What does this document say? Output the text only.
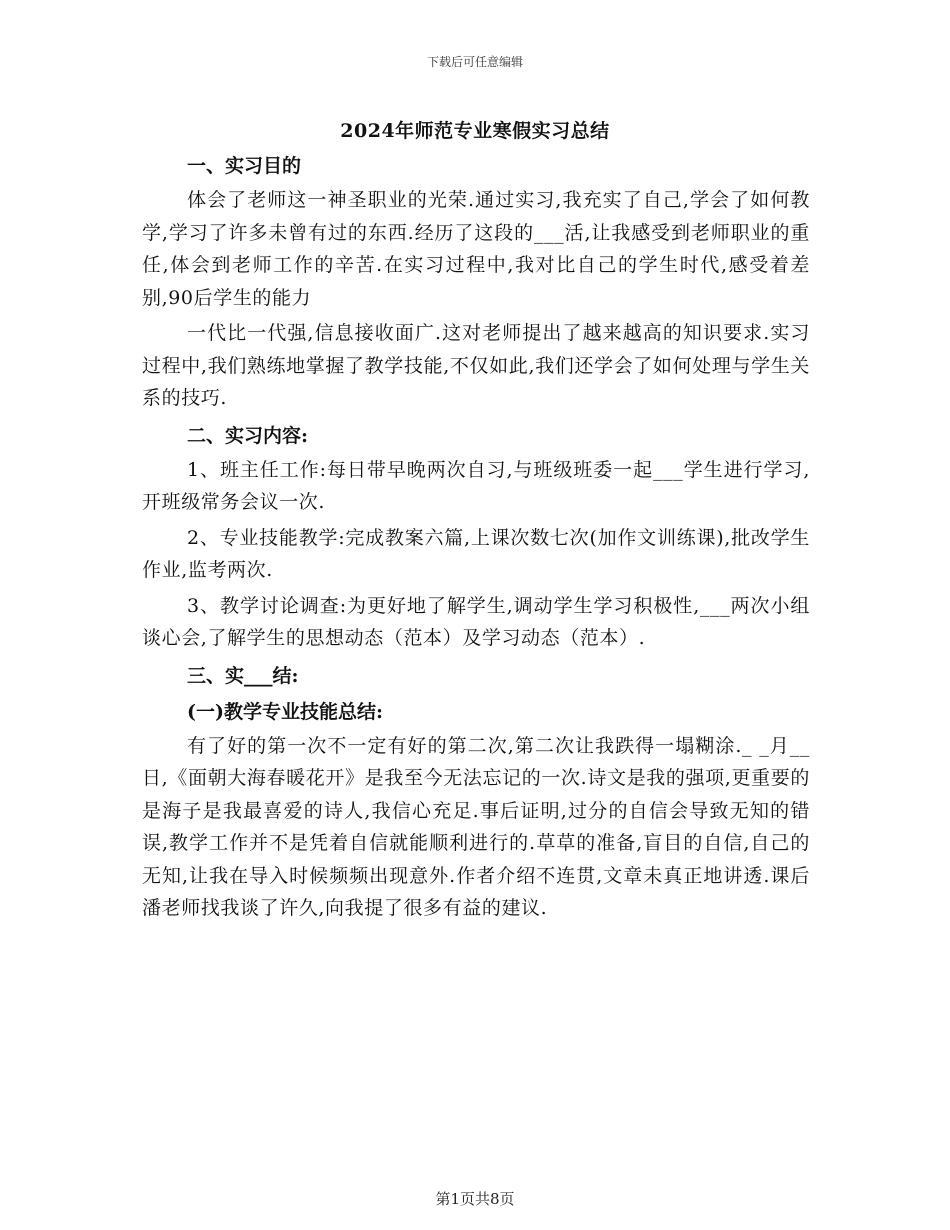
下载后可任意编辑
2024年师范专业寒假实习总结
一、实习目的
体会了老师这一神圣职业的光荣.通过实习,我充实了自己,学会了如何教学,学习了许多未曾有过的东西.经历了这段的___活,让我感受到老师职业的重任,体会到老师工作的辛苦.在实习过程中,我对比自己的学生时代,感受着差别,90后学生的能力
一代比一代强,信息接收面广.这对老师提出了越来越高的知识要求.实习过程中,我们熟练地掌握了教学技能,不仅如此,我们还学会了如何处理与学生关系的技巧.
二、实习内容:
1、班主任工作:每日带早晚两次自习,与班级班委一起___学生进行学习,开班级常务会议一次.
2、专业技能教学:完成教案六篇,上课次数七次(加作文训练课),批改学生作业,监考两次.
3、教学讨论调查:为更好地了解学生,调动学生学习积极性,___两次小组谈心会,了解学生的思想动态（范本）及学习动态（范本）.
三、实___结:
(一)教学专业技能总结:
有了好的第一次不一定有好的第二次,第二次让我跌得一塌糊涂._ _月__日,《面朝大海春暖花开》是我至今无法忘记的一次.诗文是我的强项,更重要的是海子是我最喜爱的诗人,我信心充足.事后证明,过分的自信会导致无知的错误,教学工作并不是凭着自信就能顺利进行的.草草的准备,盲目的自信,自己的无知,让我在导入时候频频出现意外.作者介绍不连贯,文章未真正地讲透.课后潘老师找我谈了许久,向我提了很多有益的建议.
第1页共8页
